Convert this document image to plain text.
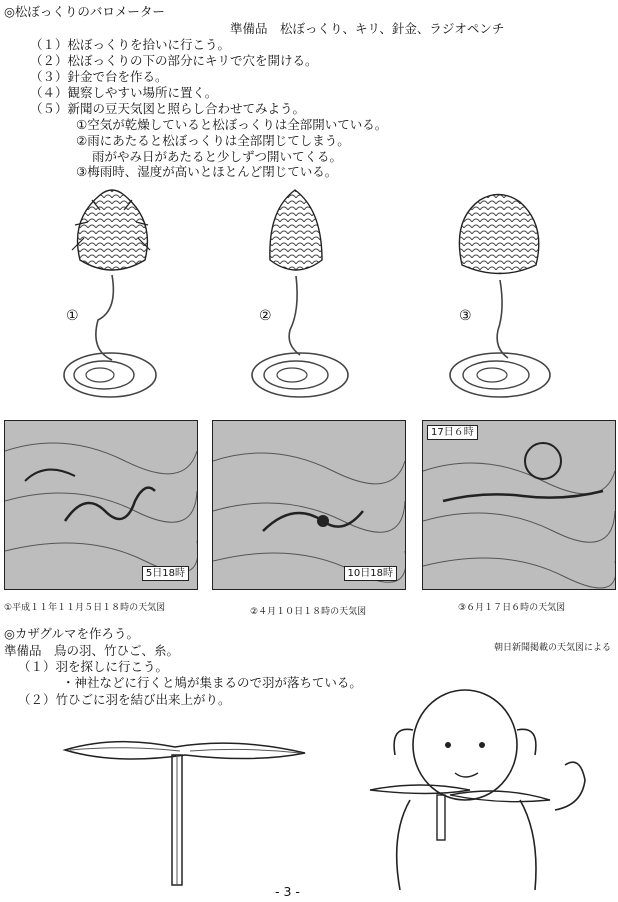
◎松ぼっくりのバロメーター
準備品　松ぼっくり、キリ、針金、ラジオペンチ
（１）松ぼっくりを拾いに行こう。
（２）松ぼっくりの下の部分にキリで穴を開ける。
（３）針金で台を作る。
（４）観察しやすい場所に置く。
（５）新聞の豆天気図と照らし合わせてみよう。
①空気が乾燥していると松ぼっくりは全部開いている。
②雨にあたると松ぼっくりは全部閉じてしまう。
雨がやみ日があたると少しずつ開いてくる。
③梅雨時、湿度が高いとほとんど閉じている。
①	②	③
5日18時	10日18時
17日６時
①平成１１年１１月５日１８時の天気図	②４月１０日１８時の天気図	③６月１７日６時の天気図
◎カザグルマを作ろう。
朝日新聞掲載の天気図による
準備品　鳥の羽、竹ひご、糸。
（１）羽を探しに行こう。
・神社などに行くと鳩が集まるので羽が落ちている。
（２）竹ひごに羽を結び出来上がり。
- 3 -
